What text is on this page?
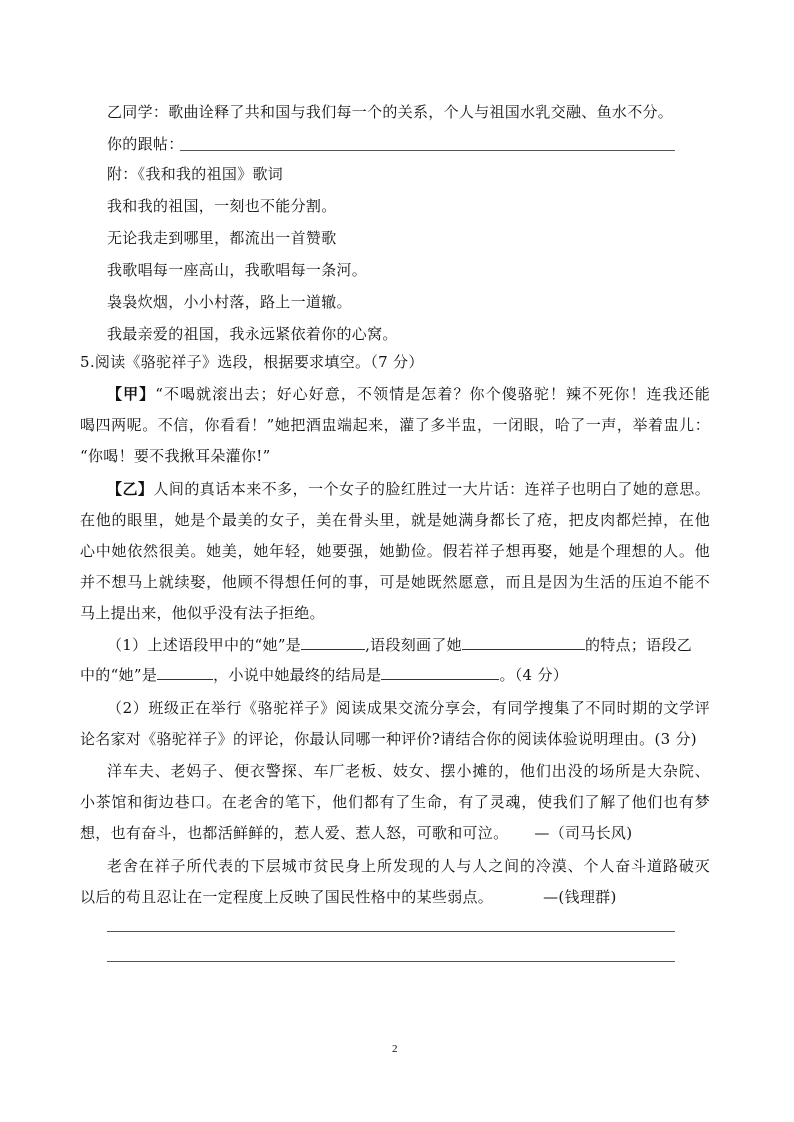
乙同学：歌曲诠释了共和国与我们每一个的关系，个人与祖国水乳交融、鱼水不分。
你的跟帖：
附：《我和我的祖国》歌词
我和我的祖国，一刻也不能分割。
无论我走到哪里，都流出一首赞歌
我歌唱每一座高山，我歌唱每一条河。
袅袅炊烟，小小村落，路上一道辙。
我最亲爱的祖国，我永远紧依着你的心窝。
5.阅读《骆驼祥子》选段，根据要求填空。（7 分）
【甲】“不喝就滚出去；好心好意，不领情是怎着？你个傻骆驼！辣不死你！连我还能
喝四两呢。不信，你看看！”她把酒盅端起来，灌了多半盅，一闭眼，哈了一声，举着盅儿：
“你喝！要不我揪耳朵灌你!”
【乙】人间的真话本来不多，一个女子的脸红胜过一大片话：连祥子也明白了她的意思。
在他的眼里，她是个最美的女子，美在骨头里，就是她满身都长了疮，把皮肉都烂掉，在他
心中她依然很美。她美，她年轻，她要强，她勤俭。假若祥子想再娶，她是个理想的人。他
并不想马上就续娶，他顾不得想任何的事，可是她既然愿意，而且是因为生活的压迫不能不
马上提出来，他似乎没有法子拒绝。
（1）上述语段甲中的“她”是	,语段刻画了她	的特点；语段乙
中的“她”是	，小说中她最终的结局是	。（4 分）
（2）班级正在举行《骆驼祥子》阅读成果交流分享会，有同学搜集了不同时期的文学评
论名家对《骆驼祥子》的评论，你最认同哪一种评价?请结合你的阅读体验说明理由。(3 分)
洋车夫、老妈子、便衣警探、车厂老板、妓女、摆小摊的，他们出没的场所是大杂院、
小茶馆和街边巷口。在老舍的笔下，他们都有了生命，有了灵魂，使我们了解了他们也有梦
想，也有奋斗，也都活鲜鲜的，惹人爱、惹人怒，可歌和可泣。 —（司马长风)
老舍在祥子所代表的下层城市贫民身上所发现的人与人之间的冷漠、个人奋斗道路破灭
以后的苟且忍让在一定程度上反映了国民性格中的某些弱点。	—(钱理群)
2
